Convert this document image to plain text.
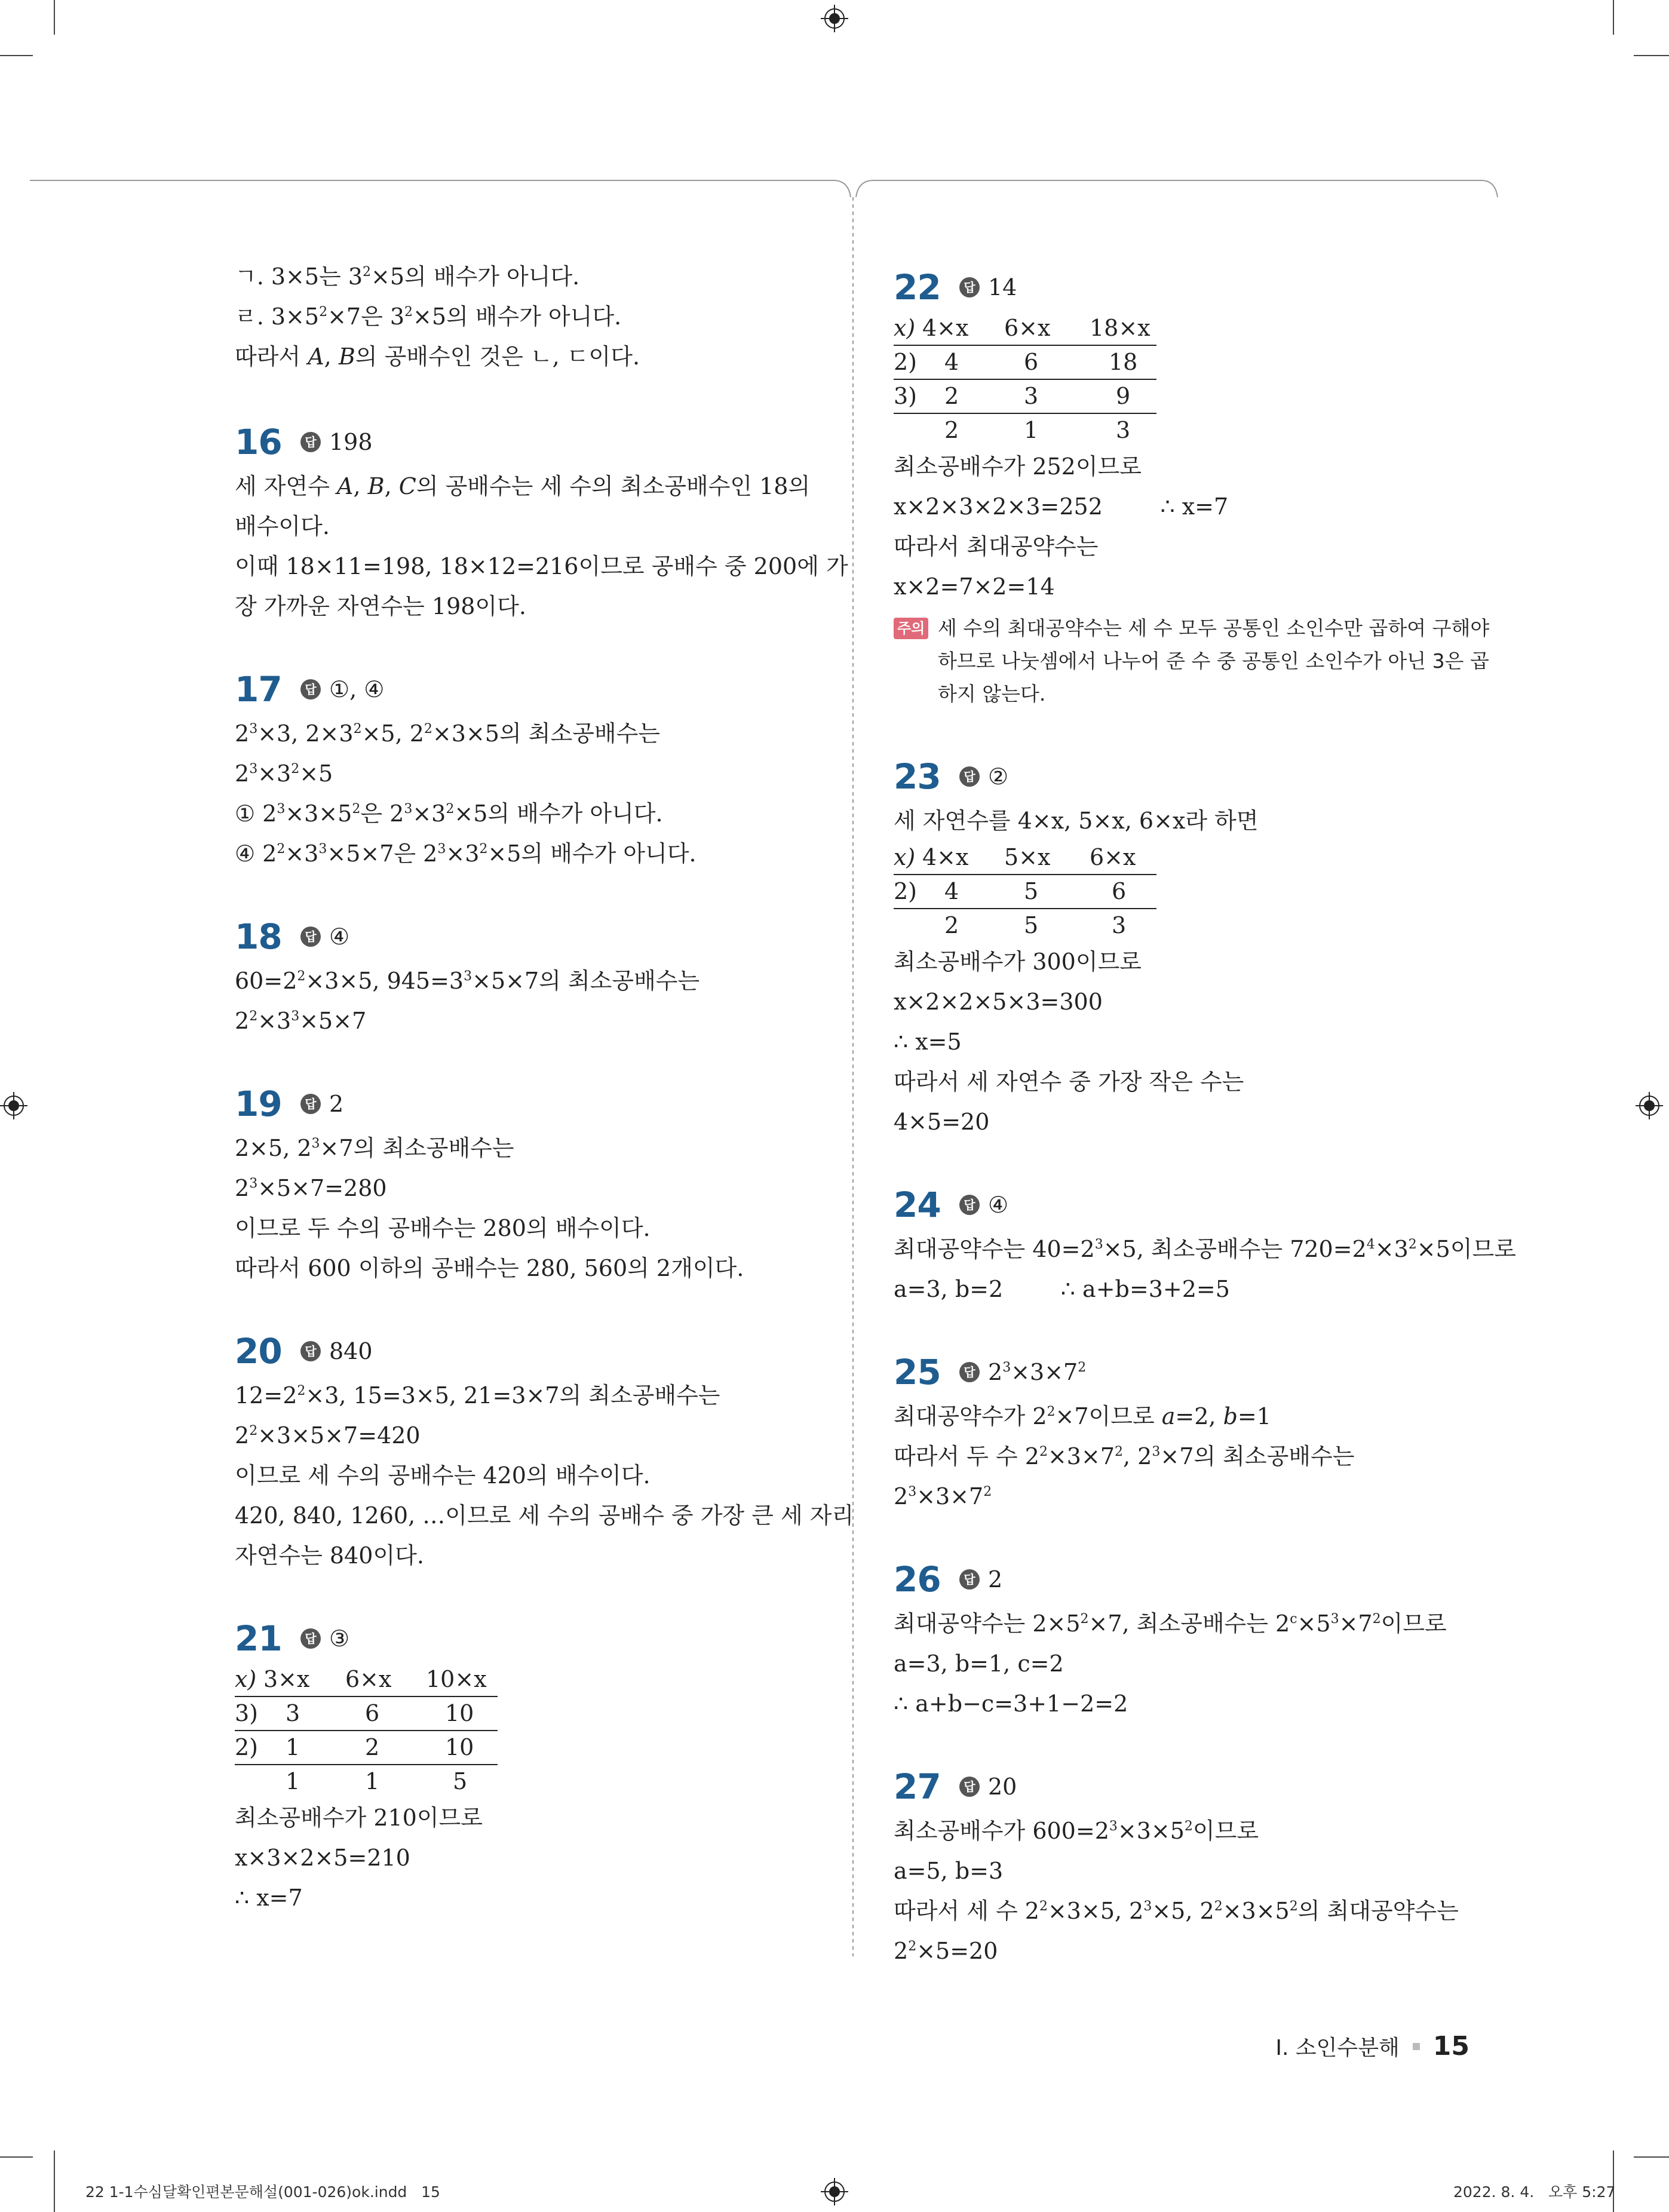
ㄱ. 3×5는 $3^2\times 5$의 배수가 아니다.
ㄹ. $3\times 5^2\times 7$은 $3^2\times 5$의 배수가 아니다.
따라서 A, B의 공배수인 것은 ㄴ, ㄷ이다.
16	답 198
세 자연수 A, B, C의 공배수는 세 수의 최소공배수인 18의
배수이다.
이때 18×11=198, 18×12=216이므로 공배수 중 200에 가
장 가까운 자연수는 198이다.
17	답 ①, ④
$2^3\times 3$, $2\times 3^2\times 5$, $2^2\times 3\times 5$의 최소공배수는
$2^3\times 3^2\times 5$
① $2^3\times 3\times 5^2$은 $2^3\times 3^2\times 5$의 배수가 아니다.
④ $2^2\times 3^3\times 5\times 7$은 $2^3\times 3^2\times 5$의 배수가 아니다.
18	답 ④
$60=2^2\times 3\times 5$, $945=3^3\times 5\times 7$의 최소공배수는
$2^2\times 3^3\times 5\times 7$
19	답 2
2×5, $2^3\times 7$의 최소공배수는
$2^3\times 5\times 7=280$
이므로 두 수의 공배수는 280의 배수이다.
따라서 600 이하의 공배수는 280, 560의 2개이다.
20	답 840
$12=2^2\times 3$, 15=3×5, 21=3×7의 최소공배수는
$2^2\times 3\times 5\times 7=420$
이므로 세 수의 공배수는 420의 배수이다.
420, 840, 1260, …이므로 세 수의 공배수 중 가장 큰 세 자리
자연수는 840이다.
21	답 ③
x) 3×x 6×x 10×x
3) 3	6	10
2) 1	2	10
1	1	5
최소공배수가 210이므로
x×3×2×5=210
∴ x=7
22	답 14
x) 4×x 6×x 18×x
2) 4	6	18
3) 2	3	9
2	1	3
최소공배수가 252이므로
x×2×3×2×3=252        ∴ x=7
따라서 최대공약수는
x×2=7×2=14
주의 세 수의 최대공약수는 세 수 모두 공통인 소인수만 곱하여 구해야
하므로 나눗셈에서 나누어 준 수 중 공통인 소인수가 아닌 3은 곱
하지 않는다.
23	답 ②
세 자연수를 4×x, 5×x, 6×x라 하면
x) 4×x 5×x 6×x
2) 4	5	6
2	5	3
최소공배수가 300이므로
x×2×2×5×3=300
∴ x=5
따라서 세 자연수 중 가장 작은 수는
4×5=20
24	답 ④
최대공약수는 $40=2^3\times 5$, 최소공배수는 $720=2^4\times 3^2\times 5$이므로
a=3, b=2        ∴ a+b=3+2=5
25	답 $2^3\times 3\times 7^2$
최대공약수가 $2^2\times 7$이므로 a=2, b=1
따라서 두 수 $2^2\times 3\times 7^2$, $2^3\times 7$의 최소공배수는
$2^3\times 3\times 7^2$
26	답 2
최대공약수는 $2\times 5^2\times 7$, 최소공배수는 $2^c\times 5^3\times 7^2$이므로
a=3, b=1, c=2
∴ a+b−c=3+1−2=2
27	답 20
최소공배수가 $600=2^3\times 3\times 5^2$이므로
a=5, b=3
따라서 세 수 $2^2\times 3\times 5$, $2^3\times 5$, $2^2\times 3\times 5^2$의 최대공약수는
$2^2\times 5=20$
I. 소인수분해 15
22 1-1수심달확인편본문해설(001-026)ok.indd   15	2022. 8. 4.   오후 5:27
